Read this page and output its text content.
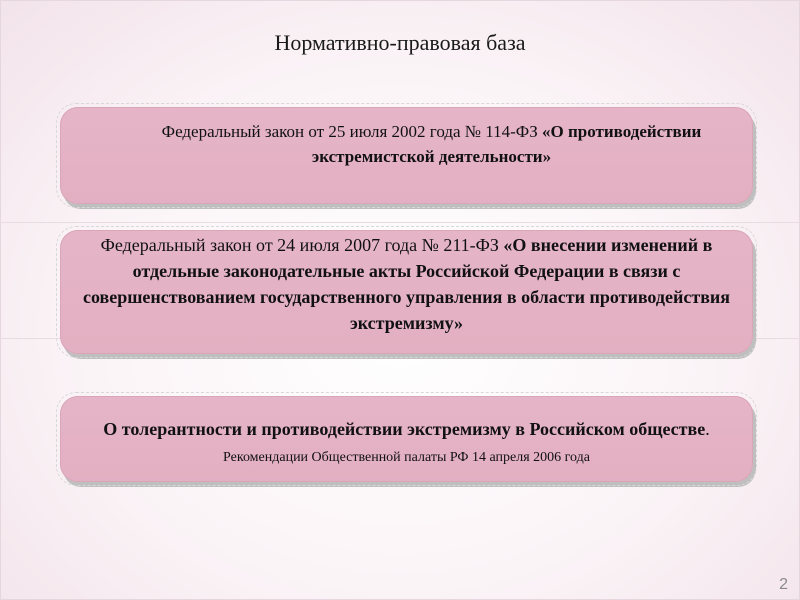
Нормативно-правовая база
Федеральный закон от 25 июля 2002 года № 114-ФЗ «О противодействии экстремистской деятельности»
Федеральный закон от 24 июля 2007 года № 211-ФЗ «О внесении изменений в отдельные законодательные акты Российской Федерации в связи с совершенствованием государственного управления в области противодействия экстремизму»
О толерантности и противодействии экстремизму в Российском обществе. Рекомендации Общественной палаты РФ 14 апреля 2006 года
2
